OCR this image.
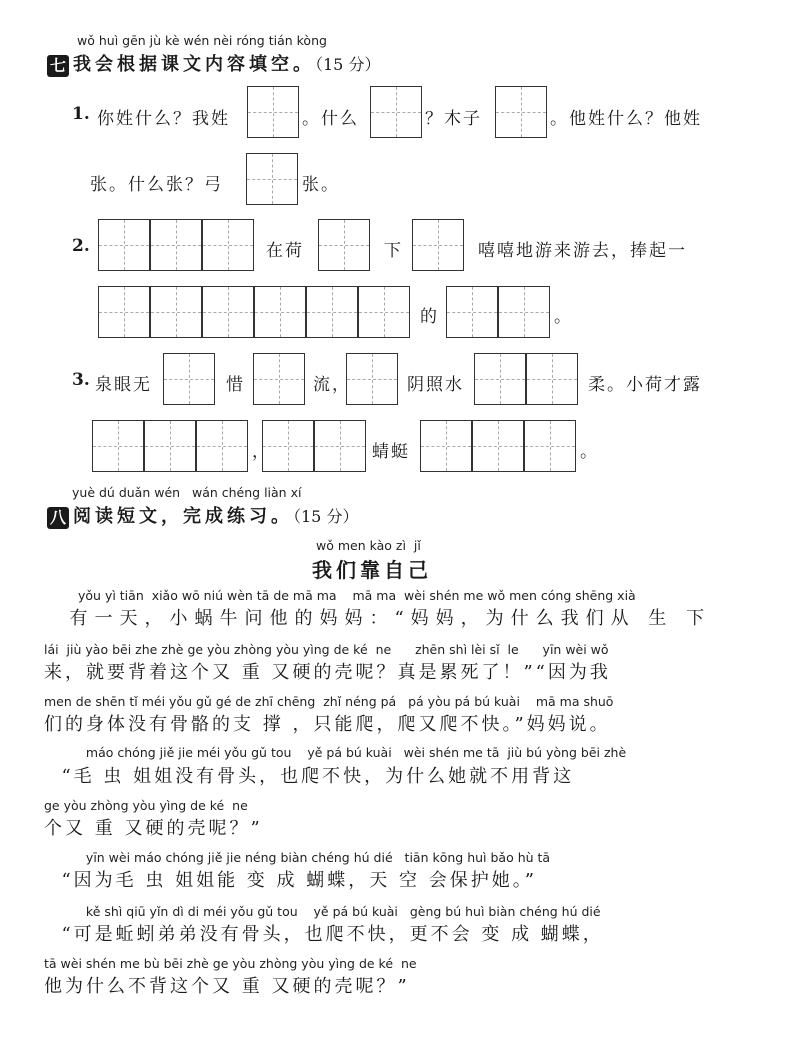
wǒ huì gēn jù kè wén nèi róng tián kòng
七 我会根据课文内容填空。（15 分）
1. 你姓什么？我姓	。什么	？木子	。他姓什么？他姓
张。什么张？弓	张。
2.	在荷	下	嘻嘻地游来游去，捧起一
的	。
3. 泉眼无	惜	流，	阴照水	柔。小荷才露
，	蜻蜓	。
yuè dú duǎn wén   wán chéng liàn xí
八 阅读短文，完成练习。（15 分）
wǒ men kào zì  jǐ
我们靠自己
yǒu yì tiān  xiǎo wō niú wèn tā de mā ma    mā ma  wèi shén me wǒ men cóng shēng xià
有一天，小蜗牛问他的妈妈：“妈妈，为什么我们从 生 下
lái  jiù yào bēi zhe zhè ge yòu zhòng yòu yìng de ké  ne      zhēn shì lèi sǐ  le      yīn wèi wǒ
来，就要背着这个又 重 又硬的壳呢？真是累死了！”“因为我
men de shēn tǐ méi yǒu gǔ gé de zhī chēng  zhǐ néng pá   pá yòu pá bú kuài    mā ma shuō
们的身体没有骨骼的支 撑 ，只能爬，爬又爬不快。”妈妈说。
máo chóng jiě jie méi yǒu gǔ tou    yě pá bú kuài   wèi shén me tā  jiù bú yòng bēi zhè
“毛 虫 姐姐没有骨头，也爬不快，为什么她就不用背这
ge yòu zhòng yòu yìng de ké  ne
个又 重 又硬的壳呢？”
yīn wèi máo chóng jiě jie néng biàn chéng hú dié   tiān kōng huì bǎo hù tā
“因为毛 虫 姐姐能 变 成 蝴蝶，天 空 会保护她。”
kě shì qiū yǐn dì di méi yǒu gǔ tou    yě pá bú kuài   gèng bú huì biàn chéng hú dié
“可是蚯蚓弟弟没有骨头，也爬不快，更不会 变 成 蝴蝶，
tā wèi shén me bù bēi zhè ge yòu zhòng yòu yìng de ké  ne
他为什么不背这个又 重 又硬的壳呢？”
